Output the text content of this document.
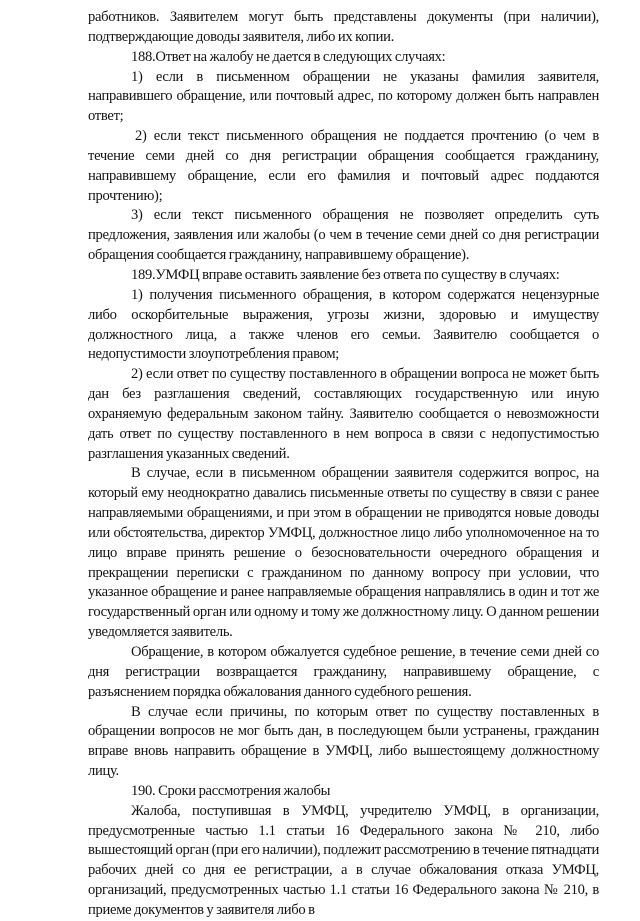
работников. Заявителем могут быть представлены документы (при наличии), подтверждающие доводы заявителя, либо их копии.

188.Ответ на жалобу не дается в следующих случаях:

1) если в письменном обращении не указаны фамилия заявителя, направившего обращение, или почтовый адрес, по которому должен быть направлен ответ;

2) если текст письменного обращения не поддается прочтению (о чем в течение семи дней со дня регистрации обращения сообщается гражданину, направившему обращение, если его фамилия и почтовый адрес поддаются прочтению);

3) если текст письменного обращения не позволяет определить суть предложения, заявления или жалобы (о чем в течение семи дней со дня регистрации обращения сообщается гражданину, направившему обращение).

189.УМФЦ вправе оставить заявление без ответа по существу в случаях:

1) получения письменного обращения, в котором содержатся нецензурные либо оскорбительные выражения, угрозы жизни, здоровью и имуществу должностного лица, а также членов его семьи. Заявителю сообщается о недопустимости злоупотребления правом;

2) если ответ по существу поставленного в обращении вопроса не может быть дан без разглашения сведений, составляющих государственную или иную охраняемую федеральным законом тайну. Заявителю сообщается о невозможности дать ответ по существу поставленного в нем вопроса в связи с недопустимостью разглашения указанных сведений.

В случае, если в письменном обращении заявителя содержится вопрос, на который ему неоднократно давались письменные ответы по существу в связи с ранее направляемыми обращениями, и при этом в обращении не приводятся новые доводы или обстоятельства, директор УМФЦ, должностное лицо либо уполномоченное на то лицо вправе принять решение о безосновательности очередного обращения и прекращении переписки с гражданином по данному вопросу при условии, что указанное обращение и ранее направляемые обращения направлялись в один и тот же государственный орган или одному и тому же должностному лицу. О данном решении уведомляется заявитель.

Обращение, в котором обжалуется судебное решение, в течение семи дней со дня регистрации возвращается гражданину, направившему обращение, с разъяснением порядка обжалования данного судебного решения.

В случае если причины, по которым ответ по существу поставленных в обращении вопросов не мог быть дан, в последующем были устранены, гражданин вправе вновь направить обращение в УМФЦ, либо вышестоящему должностному лицу.

190. Сроки рассмотрения жалобы

Жалоба, поступившая в УМФЦ, учредителю УМФЦ, в организации, предусмотренные частью 1.1 статьи 16 Федерального закона № 210, либо вышестоящий орган (при его наличии), подлежит рассмотрению в течение пятнадцати рабочих дней со дня ее регистрации, а в случае обжалования отказа УМФЦ, организаций, предусмотренных частью 1.1 статьи 16 Федерального закона № 210, в приеме документов у заявителя либо в
